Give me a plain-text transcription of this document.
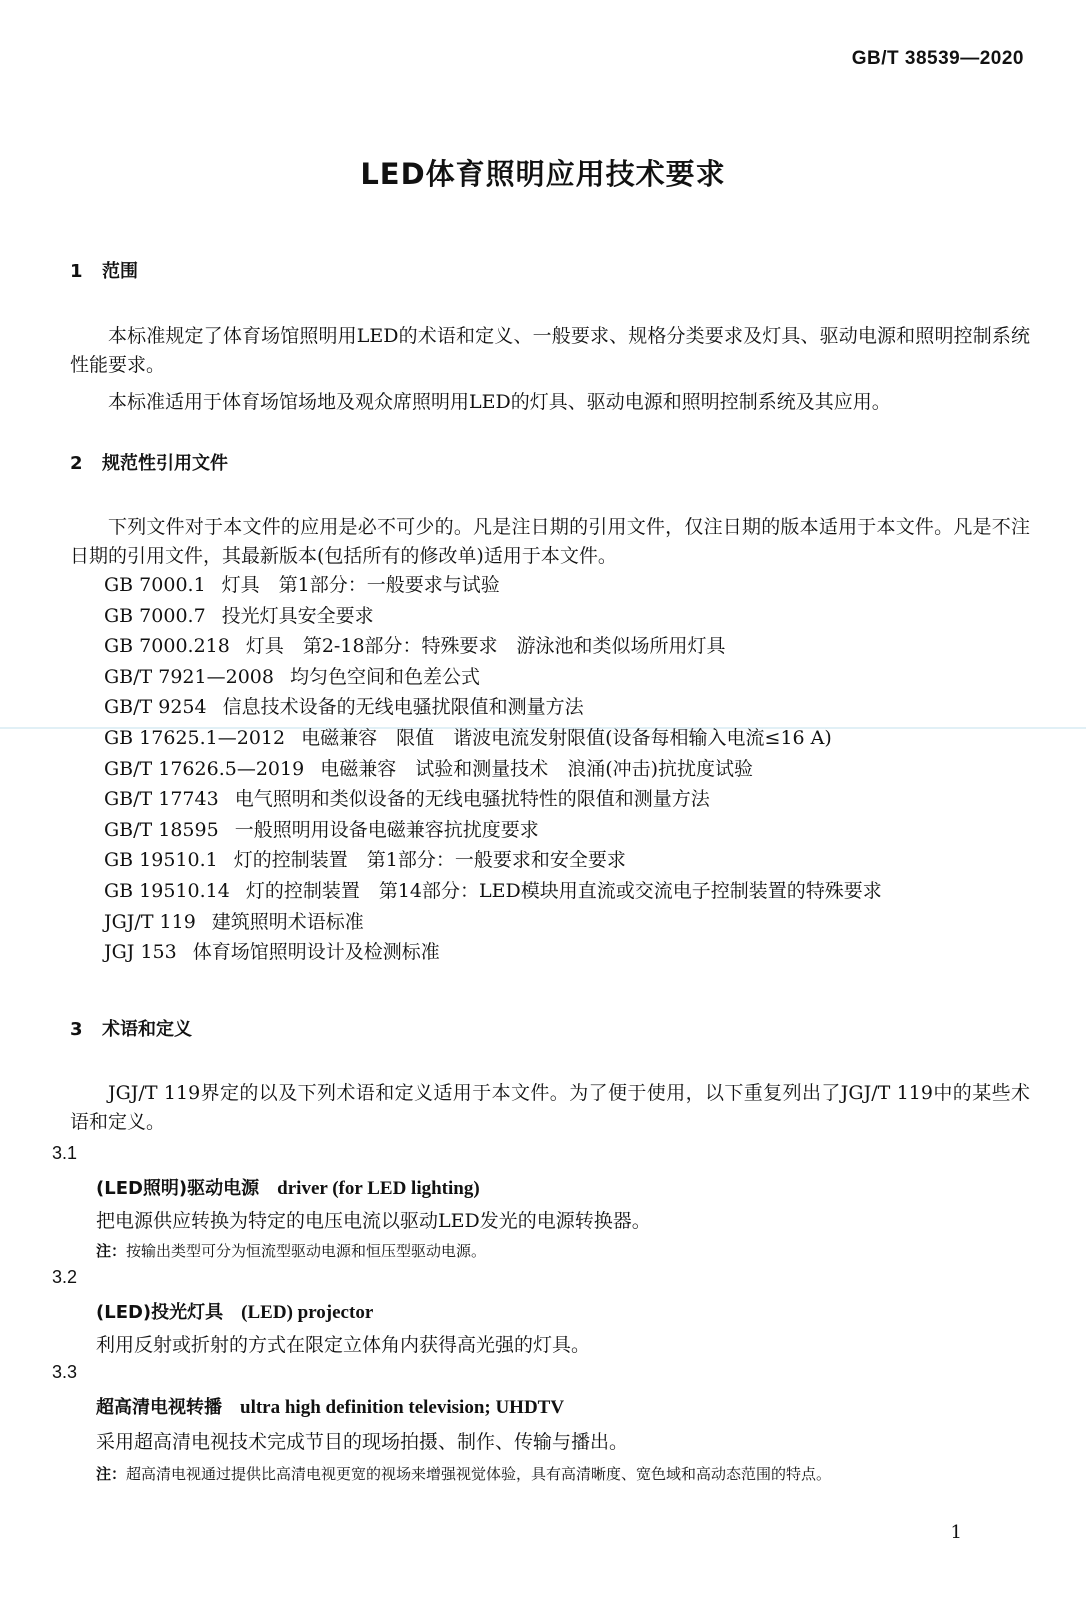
GB/T 38539—2020
LED体育照明应用技术要求
1 范围

本标准规定了体育场馆照明用LED的术语和定义、一般要求、规格分类要求及灯具、驱动电源和照明控制系统性能要求。

本标准适用于体育场馆场地及观众席照明用LED的灯具、驱动电源和照明控制系统及其应用。

2 规范性引用文件

下列文件对于本文件的应用是必不可少的。凡是注日期的引用文件，仅注日期的版本适用于本文件。凡是不注日期的引用文件，其最新版本(包括所有的修改单)适用于本文件。

GB 7000.1 灯具　第1部分：一般要求与试验
GB 7000.7 投光灯具安全要求
GB 7000.218 灯具　第2-18部分：特殊要求　游泳池和类似场所用灯具
GB/T 7921—2008 均匀色空间和色差公式
GB/T 9254 信息技术设备的无线电骚扰限值和测量方法
GB 17625.1—2012 电磁兼容　限值　谐波电流发射限值(设备每相输入电流≤16 A)
GB/T 17626.5—2019 电磁兼容　试验和测量技术　浪涌(冲击)抗扰度试验
GB/T 17743 电气照明和类似设备的无线电骚扰特性的限值和测量方法
GB/T 18595 一般照明用设备电磁兼容抗扰度要求
GB 19510.1 灯的控制装置　第1部分：一般要求和安全要求
GB 19510.14 灯的控制装置　第14部分：LED模块用直流或交流电子控制装置的特殊要求
JGJ/T 119 建筑照明术语标准
JGJ 153 体育场馆照明设计及检测标准
3 术语和定义

JGJ/T 119界定的以及下列术语和定义适用于本文件。为了便于使用，以下重复列出了JGJ/T 119中的某些术语和定义。

3.1
(LED照明)驱动电源 driver (for LED lighting)
把电源供应转换为特定的电压电流以驱动LED发光的电源转换器。
注：按输出类型可分为恒流型驱动电源和恒压型驱动电源。
3.2
(LED)投光灯具 (LED) projector
利用反射或折射的方式在限定立体角内获得高光强的灯具。
3.3
超高清电视转播 ultra high definition television; UHDTV
采用超高清电视技术完成节目的现场拍摄、制作、传输与播出。
注：超高清电视通过提供比高清电视更宽的视场来增强视觉体验，具有高清晰度、宽色域和高动态范围的特点。
1
